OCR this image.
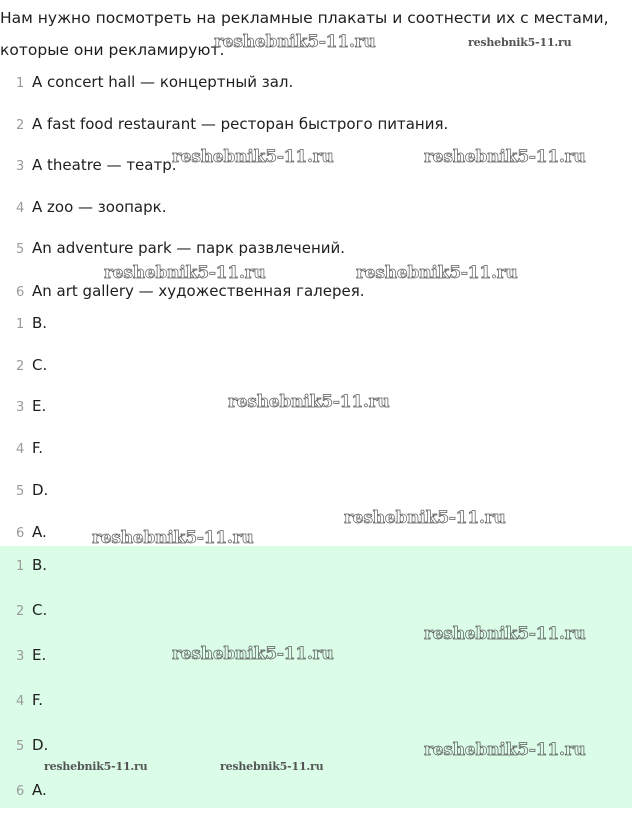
Нам нужно посмотреть на рекламные плакаты и соотнести их с местами, которые они рекламируют.
1 A concert hall — концертный зал.
2 A fast food restaurant — ресторан быстрого питания.
3 A theatre — театр.
4 A zoo — зоопарк.
5 An adventure park — парк развлечений.
6 An art gallery — художественная галерея.
1 B.
2 C.
3 E.
4 F.
5 D.
6 A.
1 B.
2 C.
3 E.
4 F.
5 D.
6 A.
reshebnik5-11.ru	reshebnik5-11.ru
reshebnik5-11.ru	reshebnik5-11.ru
reshebnik5-11.ru	reshebnik5-11.ru
reshebnik5-11.ru
reshebnik5-11.ru
reshebnik5-11.ru
reshebnik5-11.ru
reshebnik5-11.ru
reshebnik5-11.ru
reshebnik5-11.ru	reshebnik5-11.ru
